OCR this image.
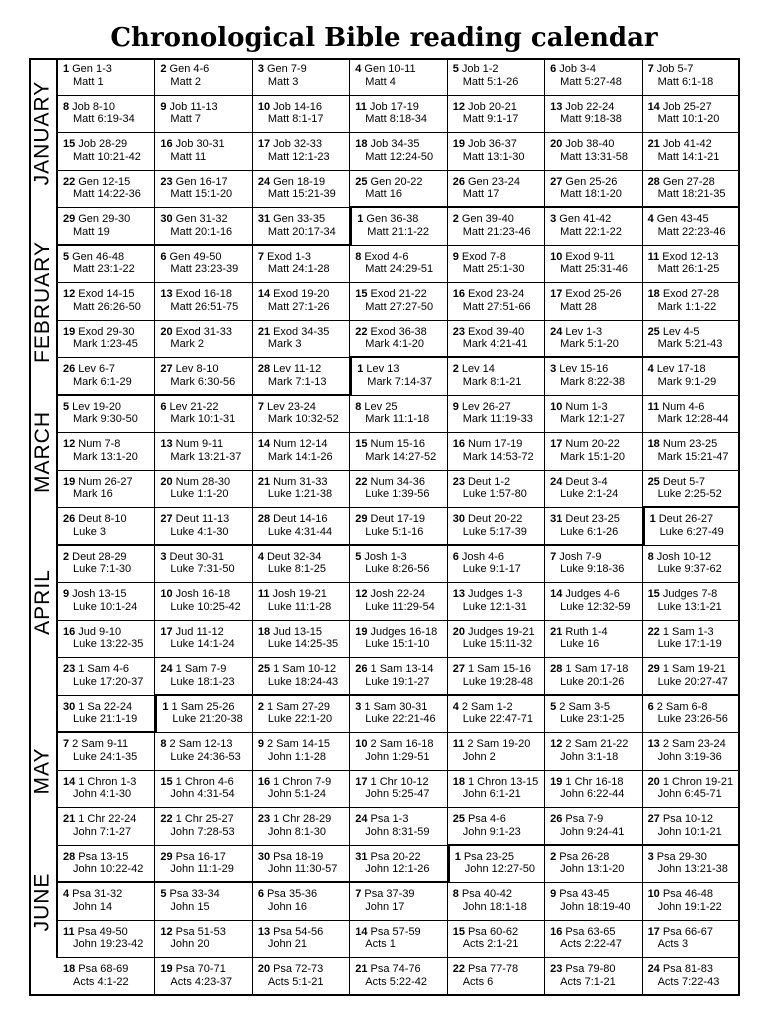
Chronological Bible reading calendar
JANUARY
FEBRUARY
MARCH
APRIL
MAY
JUNE
1 Gen 1-3
Matt 1
2 Gen 4-6
Matt 2
3 Gen 7-9
Matt 3
4 Gen 10-11
Matt 4
5 Job 1-2
Matt 5:1-26
6 Job 3-4
Matt 5:27-48
7 Job 5-7
Matt 6:1-18
8 Job 8-10
Matt 6:19-34
9 Job 11-13
Matt 7
10 Job 14-16
Matt 8:1-17
11 Job 17-19
Matt 8:18-34
12 Job 20-21
Matt 9:1-17
13 Job 22-24
Matt 9:18-38
14 Job 25-27
Matt 10:1-20
15 Job 28-29
Matt 10:21-42
16 Job 30-31
Matt 11
17 Job 32-33
Matt 12:1-23
18 Job 34-35
Matt 12:24-50
19 Job 36-37
Matt 13:1-30
20 Job 38-40
Matt 13:31-58
21 Job 41-42
Matt 14:1-21
22 Gen 12-15
Matt 14:22-36
23 Gen 16-17
Matt 15:1-20
24 Gen 18-19
Matt 15:21-39
25 Gen 20-22
Matt 16
26 Gen 23-24
Matt 17
27 Gen 25-26
Matt 18:1-20
28 Gen 27-28
Matt 18:21-35
29 Gen 29-30
Matt 19
30 Gen 31-32
Matt 20:1-16
31 Gen 33-35
Matt 20:17-34
1 Gen 36-38
Matt 21:1-22
2 Gen 39-40
Matt 21:23-46
3 Gen 41-42
Matt 22:1-22
4 Gen 43-45
Matt 22:23-46
5 Gen 46-48
Matt 23:1-22
6 Gen 49-50
Matt 23:23-39
7 Exod 1-3
Matt 24:1-28
8 Exod 4-6
Matt 24:29-51
9 Exod 7-8
Matt 25:1-30
10 Exod 9-11
Matt 25:31-46
11 Exod 12-13
Matt 26:1-25
12 Exod 14-15
Matt 26:26-50
13 Exod 16-18
Matt 26:51-75
14 Exod 19-20
Matt 27:1-26
15 Exod 21-22
Matt 27:27-50
16 Exod 23-24
Matt 27:51-66
17 Exod 25-26
Matt 28
18 Exod 27-28
Mark 1:1-22
19 Exod 29-30
Mark 1:23-45
20 Exod 31-33
Mark 2
21 Exod 34-35
Mark 3
22 Exod 36-38
Mark 4:1-20
23 Exod 39-40
Mark 4:21-41
24 Lev 1-3
Mark 5:1-20
25 Lev 4-5
Mark 5:21-43
26 Lev 6-7
Mark 6:1-29
27 Lev 8-10
Mark 6:30-56
28 Lev 11-12
Mark 7:1-13
1 Lev 13
Mark 7:14-37
2 Lev 14
Mark 8:1-21
3 Lev 15-16
Mark 8:22-38
4 Lev 17-18
Mark 9:1-29
5 Lev 19-20
Mark 9:30-50
6 Lev 21-22
Mark 10:1-31
7 Lev 23-24
Mark 10:32-52
8 Lev 25
Mark 11:1-18
9 Lev 26-27
Mark 11:19-33
10 Num 1-3
Mark 12:1-27
11 Num 4-6
Mark 12:28-44
12 Num 7-8
Mark 13:1-20
13 Num 9-11
Mark 13:21-37
14 Num 12-14
Mark 14:1-26
15 Num 15-16
Mark 14:27-52
16 Num 17-19
Mark 14:53-72
17 Num 20-22
Mark 15:1-20
18 Num 23-25
Mark 15:21-47
19 Num 26-27
Mark 16
20 Num 28-30
Luke 1:1-20
21 Num 31-33
Luke 1:21-38
22 Num 34-36
Luke 1:39-56
23 Deut 1-2
Luke 1:57-80
24 Deut 3-4
Luke 2:1-24
25 Deut 5-7
Luke 2:25-52
26 Deut 8-10
Luke 3
27 Deut 11-13
Luke 4:1-30
28 Deut 14-16
Luke 4:31-44
29 Deut 17-19
Luke 5:1-16
30 Deut 20-22
Luke 5:17-39
31 Deut 23-25
Luke 6:1-26
1 Deut 26-27
Luke 6:27-49
2 Deut 28-29
Luke 7:1-30
3 Deut 30-31
Luke 7:31-50
4 Deut 32-34
Luke 8:1-25
5 Josh 1-3
Luke 8:26-56
6 Josh 4-6
Luke 9:1-17
7 Josh 7-9
Luke 9:18-36
8 Josh 10-12
Luke 9:37-62
9 Josh 13-15
Luke 10:1-24
10 Josh 16-18
Luke 10:25-42
11 Josh 19-21
Luke 11:1-28
12 Josh 22-24
Luke 11:29-54
13 Judges 1-3
Luke 12:1-31
14 Judges 4-6
Luke 12:32-59
15 Judges 7-8
Luke 13:1-21
16 Jud 9-10
Luke 13:22-35
17 Jud 11-12
Luke 14:1-24
18 Jud 13-15
Luke 14:25-35
19 Judges 16-18
Luke 15:1-10
20 Judges 19-21
Luke 15:11-32
21 Ruth 1-4
Luke 16
22 1 Sam 1-3
Luke 17:1-19
23 1 Sam 4-6
Luke 17:20-37
24 1 Sam 7-9
Luke 18:1-23
25 1 Sam 10-12
Luke 18:24-43
26 1 Sam 13-14
Luke 19:1-27
27 1 Sam 15-16
Luke 19:28-48
28 1 Sam 17-18
Luke 20:1-26
29 1 Sam 19-21
Luke 20:27-47
30 1 Sa 22-24
Luke 21:1-19
1 1 Sam 25-26
Luke 21:20-38
2 1 Sam 27-29
Luke 22:1-20
3 1 Sam 30-31
Luke 22:21-46
4 2 Sam 1-2
Luke 22:47-71
5 2 Sam 3-5
Luke 23:1-25
6 2 Sam 6-8
Luke 23:26-56
7 2 Sam 9-11
Luke 24:1-35
8 2 Sam 12-13
Luke 24:36-53
9 2 Sam 14-15
John 1:1-28
10 2 Sam 16-18
John 1:29-51
11 2 Sam 19-20
John 2
12 2 Sam 21-22
John 3:1-18
13 2 Sam 23-24
John 3:19-36
14 1 Chron 1-3
John 4:1-30
15 1 Chron 4-6
John 4:31-54
16 1 Chron 7-9
John 5:1-24
17 1 Chr 10-12
John 5:25-47
18 1 Chron 13-15
John 6:1-21
19 1 Chr 16-18
John 6:22-44
20 1 Chron 19-21
John 6:45-71
21 1 Chr 22-24
John 7:1-27
22 1 Chr 25-27
John 7:28-53
23 1 Chr 28-29
John 8:1-30
24 Psa 1-3
John 8:31-59
25 Psa 4-6
John 9:1-23
26 Psa 7-9
John 9:24-41
27 Psa 10-12
John 10:1-21
28 Psa 13-15
John 10:22-42
29 Psa 16-17
John 11:1-29
30 Psa 18-19
John 11:30-57
31 Psa 20-22
John 12:1-26
1 Psa 23-25
John 12:27-50
2 Psa 26-28
John 13:1-20
3 Psa 29-30
John 13:21-38
4 Psa 31-32
John 14
5 Psa 33-34
John 15
6 Psa 35-36
John 16
7 Psa 37-39
John 17
8 Psa 40-42
John 18:1-18
9 Psa 43-45
John 18:19-40
10 Psa 46-48
John 19:1-22
11 Psa 49-50
John 19:23-42
12 Psa 51-53
John 20
13 Psa 54-56
John 21
14 Psa 57-59
Acts 1
15 Psa 60-62
Acts 2:1-21
16 Psa 63-65
Acts 2:22-47
17 Psa 66-67
Acts 3
18 Psa 68-69
Acts 4:1-22
19 Psa 70-71
Acts 4:23-37
20 Psa 72-73
Acts 5:1-21
21 Psa 74-76
Acts 5:22-42
22 Psa 77-78
Acts 6
23 Psa 79-80
Acts 7:1-21
24 Psa 81-83
Acts 7:22-43
